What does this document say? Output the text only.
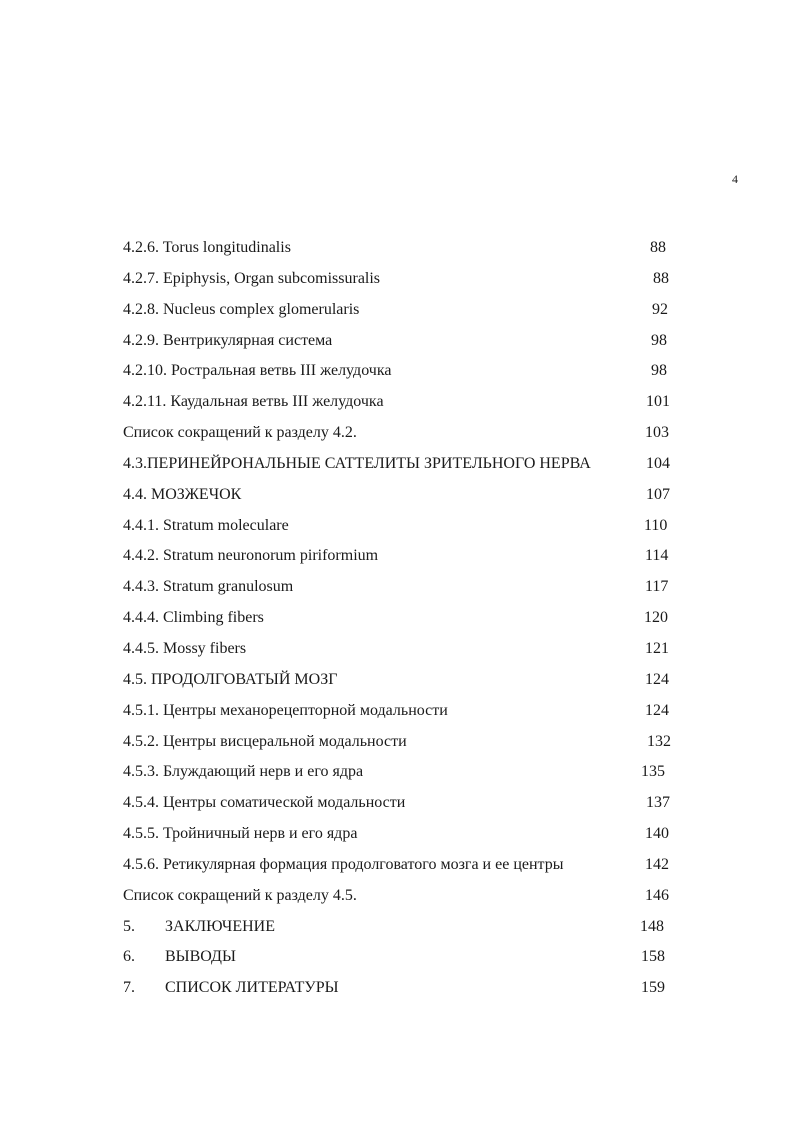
4
4.2.6. Torus longitudinalis	88
4.2.7. Epiphysis, Organ subcomissuralis	88
4.2.8. Nucleus complex glomerularis	92
4.2.9. Вентрикулярная система	98
4.2.10. Ростральная ветвь III желудочка	98
4.2.11. Каудальная ветвь III желудочка	101
Список сокращений к разделу 4.2.	103
4.3.ПЕРИНЕЙРОНАЛЬНЫЕ САТТЕЛИТЫ ЗРИТЕЛЬНОГО НЕРВА	104
4.4. МОЗЖЕЧОК	107
4.4.1. Stratum moleculare	110
4.4.2. Stratum neuronorum piriformium	114
4.4.3. Stratum granulosum	117
4.4.4. Climbing fibers	120
4.4.5. Mossy fibers	121
4.5. ПРОДОЛГОВАТЫЙ МОЗГ	124
4.5.1. Центры механорецепторной модальности	124
4.5.2. Центры висцеральной модальности	132
4.5.3. Блуждающий нерв и его ядра	135
4.5.4. Центры соматической модальности	137
4.5.5. Тройничный нерв и его ядра	140
4.5.6. Ретикулярная формация продолговатого мозга и ее центры	142
Список сокращений к разделу 4.5.	146
5. ЗАКЛЮЧЕНИЕ	148
6. ВЫВОДЫ	158
7. СПИСОК ЛИТЕРАТУРЫ	159
